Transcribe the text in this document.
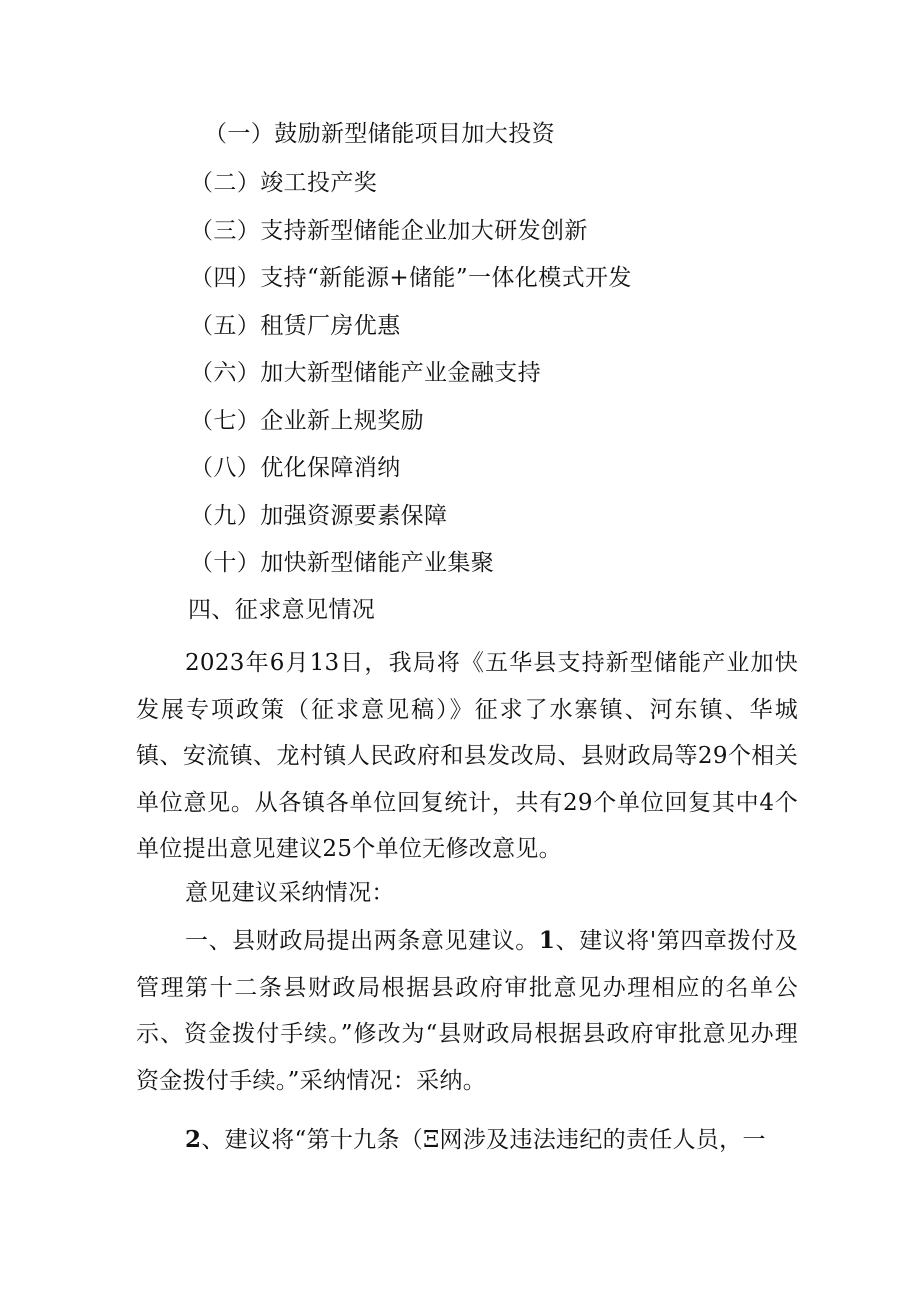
（一）鼓励新型储能项目加大投资
（二）竣工投产奖
（三）支持新型储能企业加大研发创新
（四）支持“新能源+储能”一体化模式开发
（五）租赁厂房优惠
（六）加大新型储能产业金融支持
（七）企业新上规奖励
（八）优化保障消纳
（九）加强资源要素保障
（十）加快新型储能产业集聚
四、征求意见情况

2023年6月13日，我局将《五华县支持新型储能产业加快发展专项政策（征求意见稿）》征求了水寨镇、河东镇、华城镇、安流镇、龙村镇人民政府和县发改局、县财政局等29个相关单位意见。从各镇各单位回复统计，共有29个单位回复其中4个单位提出意见建议25个单位无修改意见。

意见建议采纳情况：

一、县财政局提出两条意见建议。1、建议将'第四章拨付及管理第十二条县财政局根据县政府审批意见办理相应的名单公示、资金拨付手续。”修改为“县财政局根据县政府审批意见办理资金拨付手续。”采纳情况：采纳。

2、建议将“第十九条（Ξ网涉及违法违纪的责任人员，一
